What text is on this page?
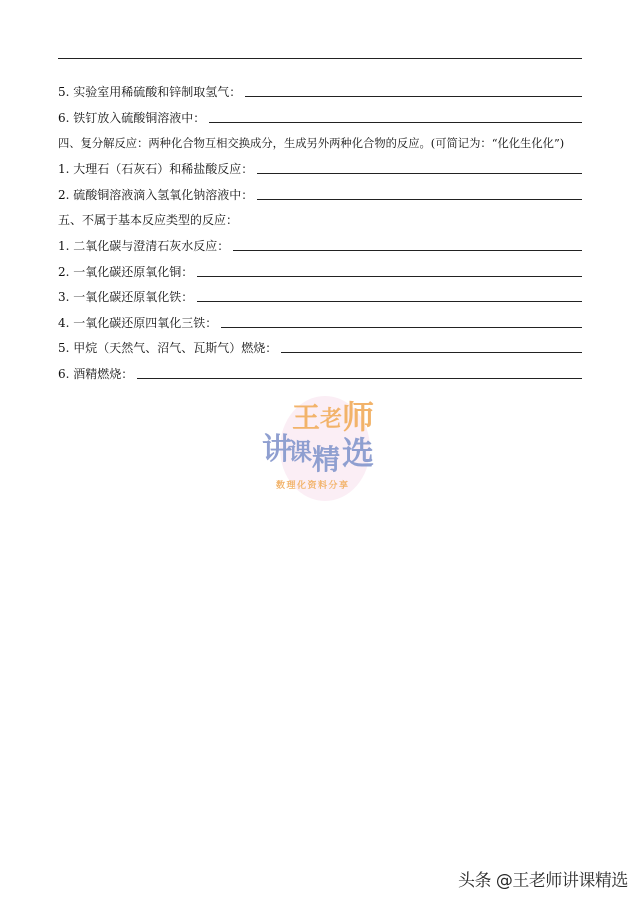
5. 实验室用稀硫酸和锌制取氢气：
6. 铁钉放入硫酸铜溶液中：
四、复分解反应：两种化合物互相交换成分，生成另外两种化合物的反应。(可简记为：“化化生化化”)
1. 大理石（石灰石）和稀盐酸反应：
2. 硫酸铜溶液滴入氢氧化钠溶液中：
五、不属于基本反应类型的反应：
1. 二氧化碳与澄清石灰水反应：
2. 一氧化碳还原氧化铜：
3. 一氧化碳还原氧化铁：
4. 一氧化碳还原四氧化三铁：
5. 甲烷（天然气、沼气、瓦斯气）燃烧：
6. 酒精燃烧：
王 老 师
讲
课 精 选
数理化资料分享
头条 @王老师讲课精选
